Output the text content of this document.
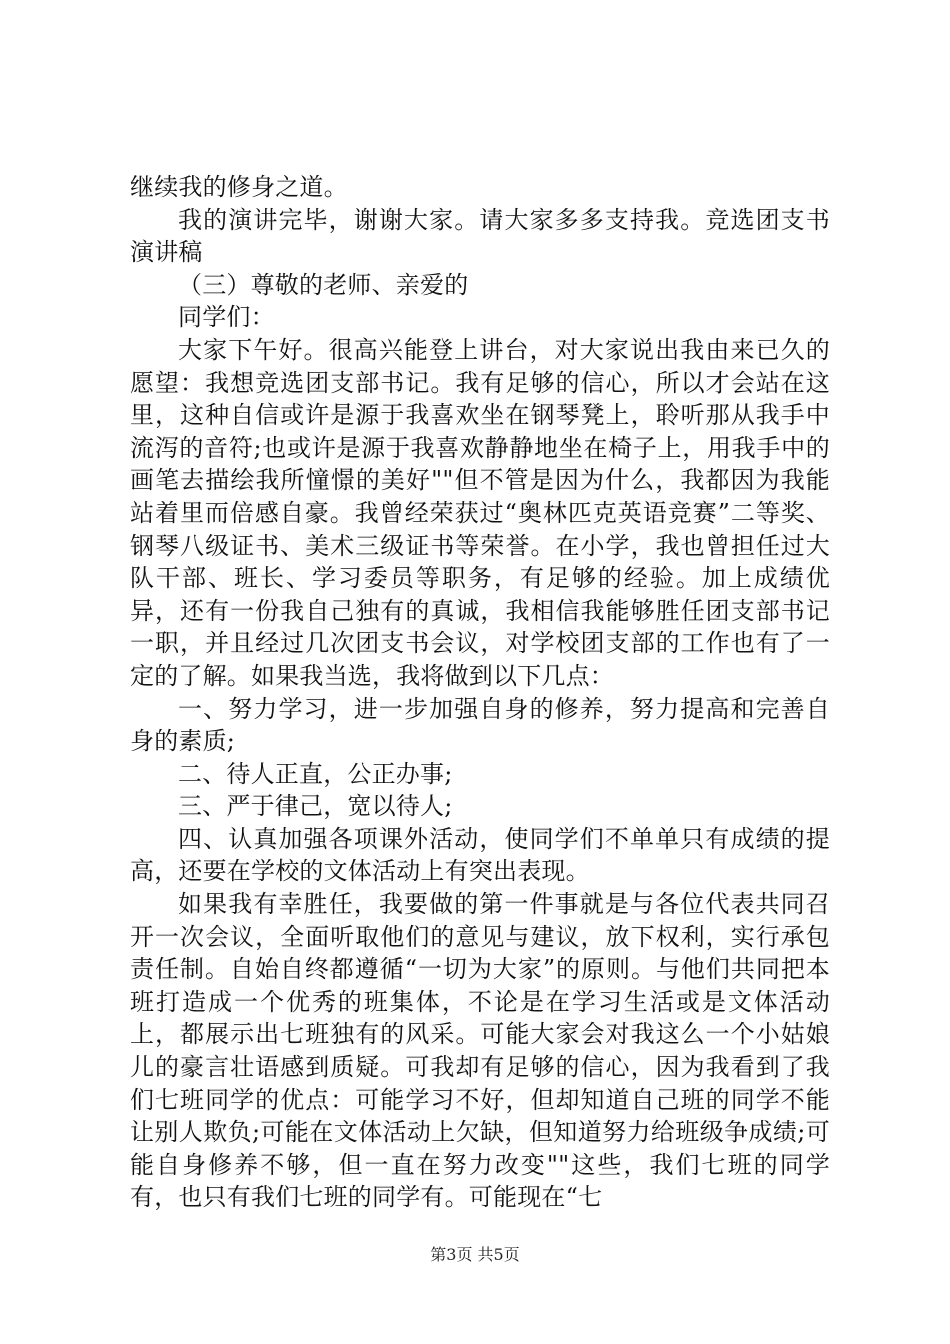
继续我的修身之道。

我的演讲完毕，谢谢大家。请大家多多支持我。竞选团支书演讲稿

（三）尊敬的老师、亲爱的

同学们：

大家下午好。很高兴能登上讲台，对大家说出我由来已久的愿望：我想竞选团支部书记。我有足够的信心，所以才会站在这里，这种自信或许是源于我喜欢坐在钢琴凳上，聆听那从我手中流泻的音符;也或许是源于我喜欢静静地坐在椅子上，用我手中的画笔去描绘我所憧憬的美好""但不管是因为什么，我都因为我能站着里而倍感自豪。我曾经荣获过“奥林匹克英语竞赛”二等奖、钢琴八级证书、美术三级证书等荣誉。在小学，我也曾担任过大队干部、班长、学习委员等职务，有足够的经验。加上成绩优异，还有一份我自己独有的真诚，我相信我能够胜任团支部书记一职，并且经过几次团支书会议，对学校团支部的工作也有了一定的了解。如果我当选，我将做到以下几点：

一、努力学习，进一步加强自身的修养，努力提高和完善自身的素质;

二、待人正直，公正办事;

三、严于律己，宽以待人;

四、认真加强各项课外活动，使同学们不单单只有成绩的提高，还要在学校的文体活动上有突出表现。

如果我有幸胜任，我要做的第一件事就是与各位代表共同召开一次会议，全面听取他们的意见与建议，放下权利，实行承包责任制。自始自终都遵循“一切为大家”的原则。与他们共同把本班打造成一个优秀的班集体，不论是在学习生活或是文体活动上，都展示出七班独有的风采。可能大家会对我这么一个小姑娘儿的豪言壮语感到质疑。可我却有足够的信心，因为我看到了我们七班同学的优点：可能学习不好，但却知道自己班的同学不能让别人欺负;可能在文体活动上欠缺，但知道努力给班级争成绩;可能自身修养不够，但一直在努力改变""这些，我们七班的同学有，也只有我们七班的同学有。可能现在“七

第3页 共5页
